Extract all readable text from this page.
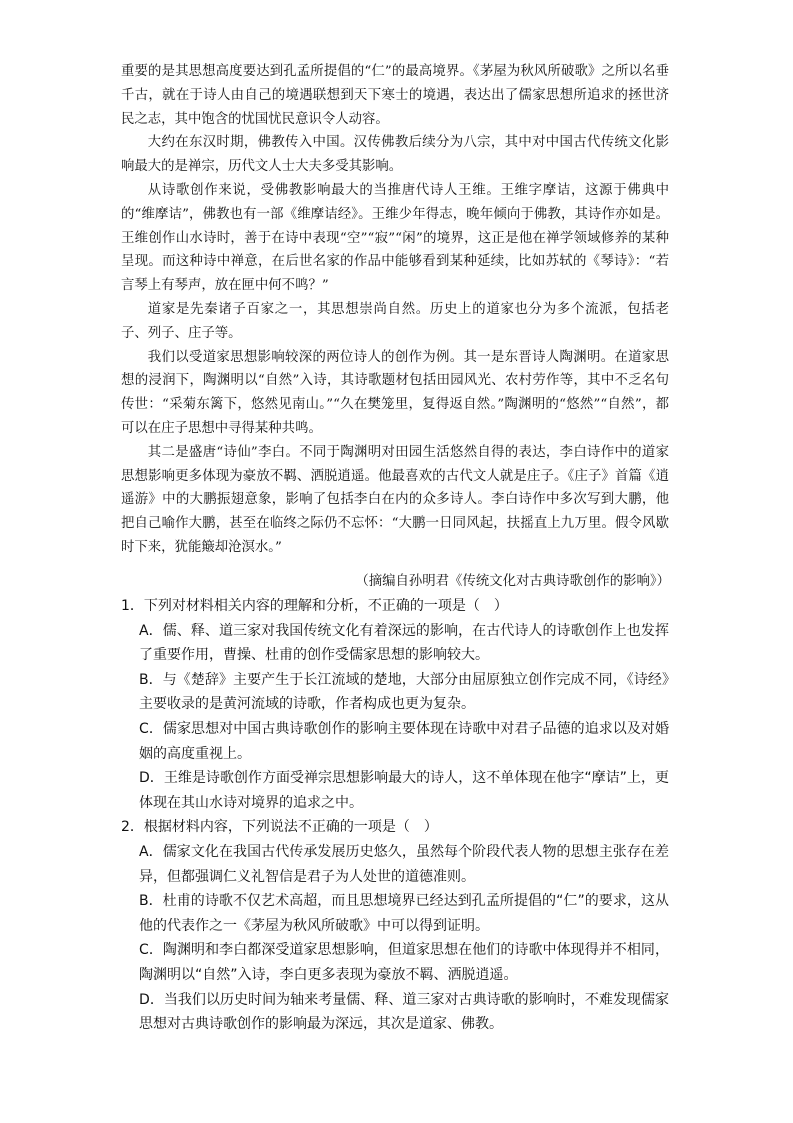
重要的是其思想高度要达到孔孟所提倡的“仁”的最高境界。《茅屋为秋风所破歌》之所以名垂千古，就在于诗人由自己的境遇联想到天下寒士的境遇，表达出了儒家思想所追求的拯世济民之志，其中饱含的忧国忧民意识令人动容。

大约在东汉时期，佛教传入中国。汉传佛教后续分为八宗，其中对中国古代传统文化影响最大的是禅宗，历代文人士大夫多受其影响。

从诗歌创作来说，受佛教影响最大的当推唐代诗人王维。王维字摩诘，这源于佛典中的“维摩诘”，佛教也有一部《维摩诘经》。王维少年得志，晚年倾向于佛教，其诗作亦如是。王维创作山水诗时，善于在诗中表现“空”“寂”“闲”的境界，这正是他在禅学领域修养的某种呈现。而这种诗中禅意，在后世名家的作品中能够看到某种延续，比如苏轼的《琴诗》：“若言琴上有琴声，放在匣中何不鸣？”

道家是先秦诸子百家之一，其思想崇尚自然。历史上的道家也分为多个流派，包括老子、列子、庄子等。

我们以受道家思想影响较深的两位诗人的创作为例。其一是东晋诗人陶渊明。在道家思想的浸润下，陶渊明以“自然”入诗，其诗歌题材包括田园风光、农村劳作等，其中不乏名句传世：“采菊东篱下，悠然见南山。”“久在樊笼里，复得返自然。”陶渊明的“悠然”“自然”，都可以在庄子思想中寻得某种共鸣。

其二是盛唐“诗仙”李白。不同于陶渊明对田园生活悠然自得的表达，李白诗作中的道家思想影响更多体现为豪放不羁、洒脱逍遥。他最喜欢的古代文人就是庄子。《庄子》首篇《逍遥游》中的大鹏振翅意象，影响了包括李白在内的众多诗人。李白诗作中多次写到大鹏，他把自己喻作大鹏，甚至在临终之际仍不忘怀：“大鹏一日同风起，扶摇直上九万里。假令风歇时下来，犹能簸却沧溟水。”

（摘编自孙明君《传统文化对古典诗歌创作的影响》）

1．下列对材料相关内容的理解和分析，不正确的一项是（　）

A．儒、释、道三家对我国传统文化有着深远的影响，在古代诗人的诗歌创作上也发挥了重要作用，曹操、杜甫的创作受儒家思想的影响较大。

B．与《楚辞》主要产生于长江流域的楚地，大部分由屈原独立创作完成不同，《诗经》主要收录的是黄河流域的诗歌，作者构成也更为复杂。

C．儒家思想对中国古典诗歌创作的影响主要体现在诗歌中对君子品德的追求以及对婚姻的高度重视上。

D．王维是诗歌创作方面受禅宗思想影响最大的诗人，这不单体现在他字“摩诘”上，更体现在其山水诗对境界的追求之中。

2．根据材料内容，下列说法不正确的一项是（　）

A．儒家文化在我国古代传承发展历史悠久，虽然每个阶段代表人物的思想主张存在差异，但都强调仁义礼智信是君子为人处世的道德准则。

B．杜甫的诗歌不仅艺术高超，而且思想境界已经达到孔孟所提倡的“仁”的要求，这从他的代表作之一《茅屋为秋风所破歌》中可以得到证明。

C．陶渊明和李白都深受道家思想影响，但道家思想在他们的诗歌中体现得并不相同，陶渊明以“自然”入诗，李白更多表现为豪放不羁、洒脱逍遥。

D．当我们以历史时间为轴来考量儒、释、道三家对古典诗歌的影响时，不难发现儒家思想对古典诗歌创作的影响最为深远，其次是道家、佛教。
